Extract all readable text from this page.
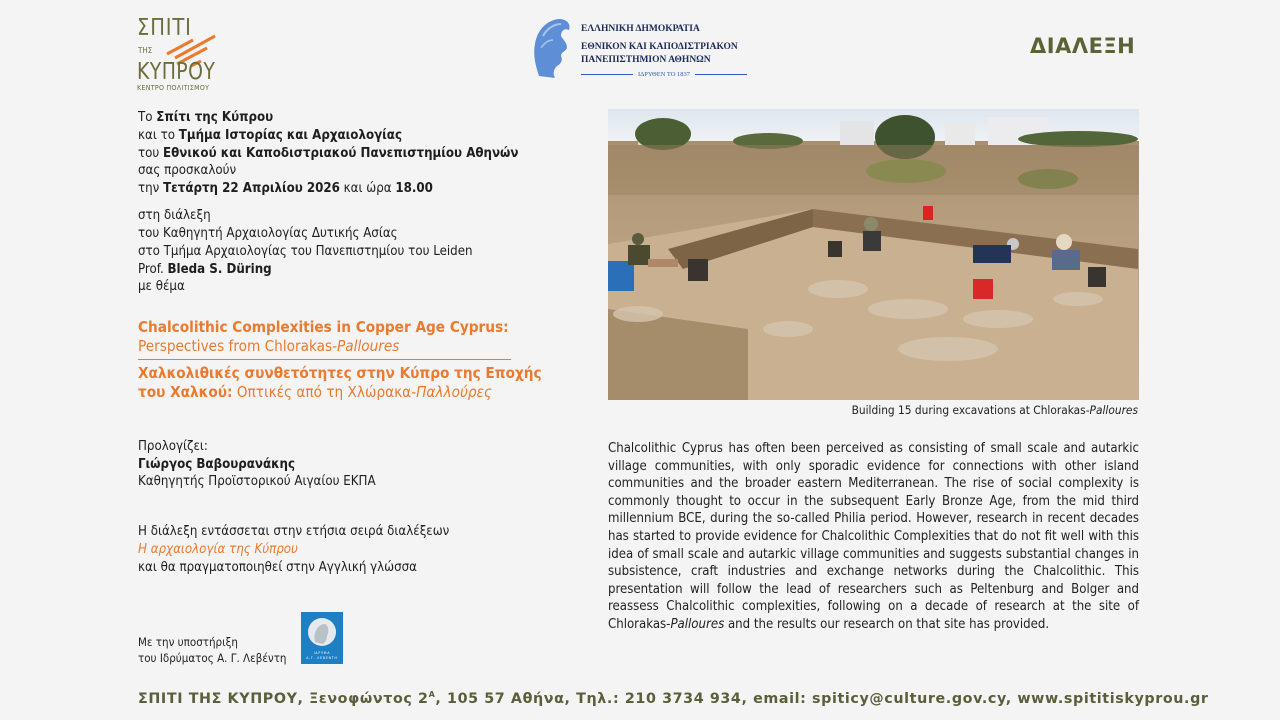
ΣΠΙΤΙ
ΤΗΣ
ΚΥΠΡΟΥ
ΚΕΝΤΡΟ ΠΟΛΙΤΙΣΜΟΥ
ΕΛΛΗΝΙΚΗ ΔΗΜΟΚΡΑΤΙΑ
ΕΘΝΙΚΟΝ ΚΑΙ ΚΑΠΟΔΙΣΤΡΙΑΚΟΝ
ΠΑΝΕΠΙΣΤΗΜΙΟΝ ΑΘΗΝΩΝ
ΙΔΡΥΘΕΝ ΤΟ 1837
ΔΙΑΛΕΞΗ
Το Σπίτι της Κύπρου
και το Τμήμα Ιστορίας και Αρχαιολογίας
του Εθνικού και Καποδιστριακού Πανεπιστημίου Αθηνών
σας προσκαλούν
την Τετάρτη 22 Απριλίου 2026 και ώρα 18.00
στη διάλεξη
του Καθηγητή Αρχαιολογίας Δυτικής Ασίας
στο Τμήμα Αρχαιολογίας του Πανεπιστημίου του Leiden
Prof. Bleda S. Düring
με θέμα
Chalcolithic Complexities in Copper Age Cyprus:
Perspectives from Chlorakas-Palloures
Χαλκολιθικές συνθετότητες στην Κύπρο της Εποχής
του Χαλκού: Οπτικές από τη Χλώρακα-Παλλούρες
Προλογίζει:
Γιώργος Βαβουρανάκης
Καθηγητής Προϊστορικού Αιγαίου ΕΚΠΑ
Η διάλεξη εντάσσεται στην ετήσια σειρά διαλέξεων
Η αρχαιολογία της Κύπρου
και θα πραγματοποιηθεί στην Αγγλική γλώσσα
Building 15 during excavations at Chlorakas-Palloures
Chalcolithic Cyprus has often been perceived as consisting of small scale and autarkic village communities, with only sporadic evidence for connections with other island communities and the broader eastern Mediterranean. The rise of social complexity is commonly thought to occur in the subsequent Early Bronze Age, from the mid third millennium BCE, during the so-called Philia period. However, research in recent decades has started to provide evidence for Chalcolithic Complexities that do not fit well with this idea of small scale and autarkic village communities and suggests substantial changes in subsistence, craft industries and exchange networks during the Chalcolithic. This presentation will follow the lead of researchers such as Peltenburg and Bolger and reassess Chalcolithic complexities, following on a decade of research at the site of Chlorakas-Palloures and the results our research on that site has provided.
Με την υποστήριξη
του Ιδρύματος Α. Γ. Λεβέντη	ΙΔΡΥΜΑ
Α.Γ. ΛΕΒΕΝΤΗ
ΣΠΙΤΙ ΤΗΣ ΚΥΠΡΟΥ, Ξενοφώντος $2^A$, 105 57 Αθήνα, Τηλ.: 210 3734 934, email: spiticy@culture.gov.cy, www.spititiskyprou.gr
